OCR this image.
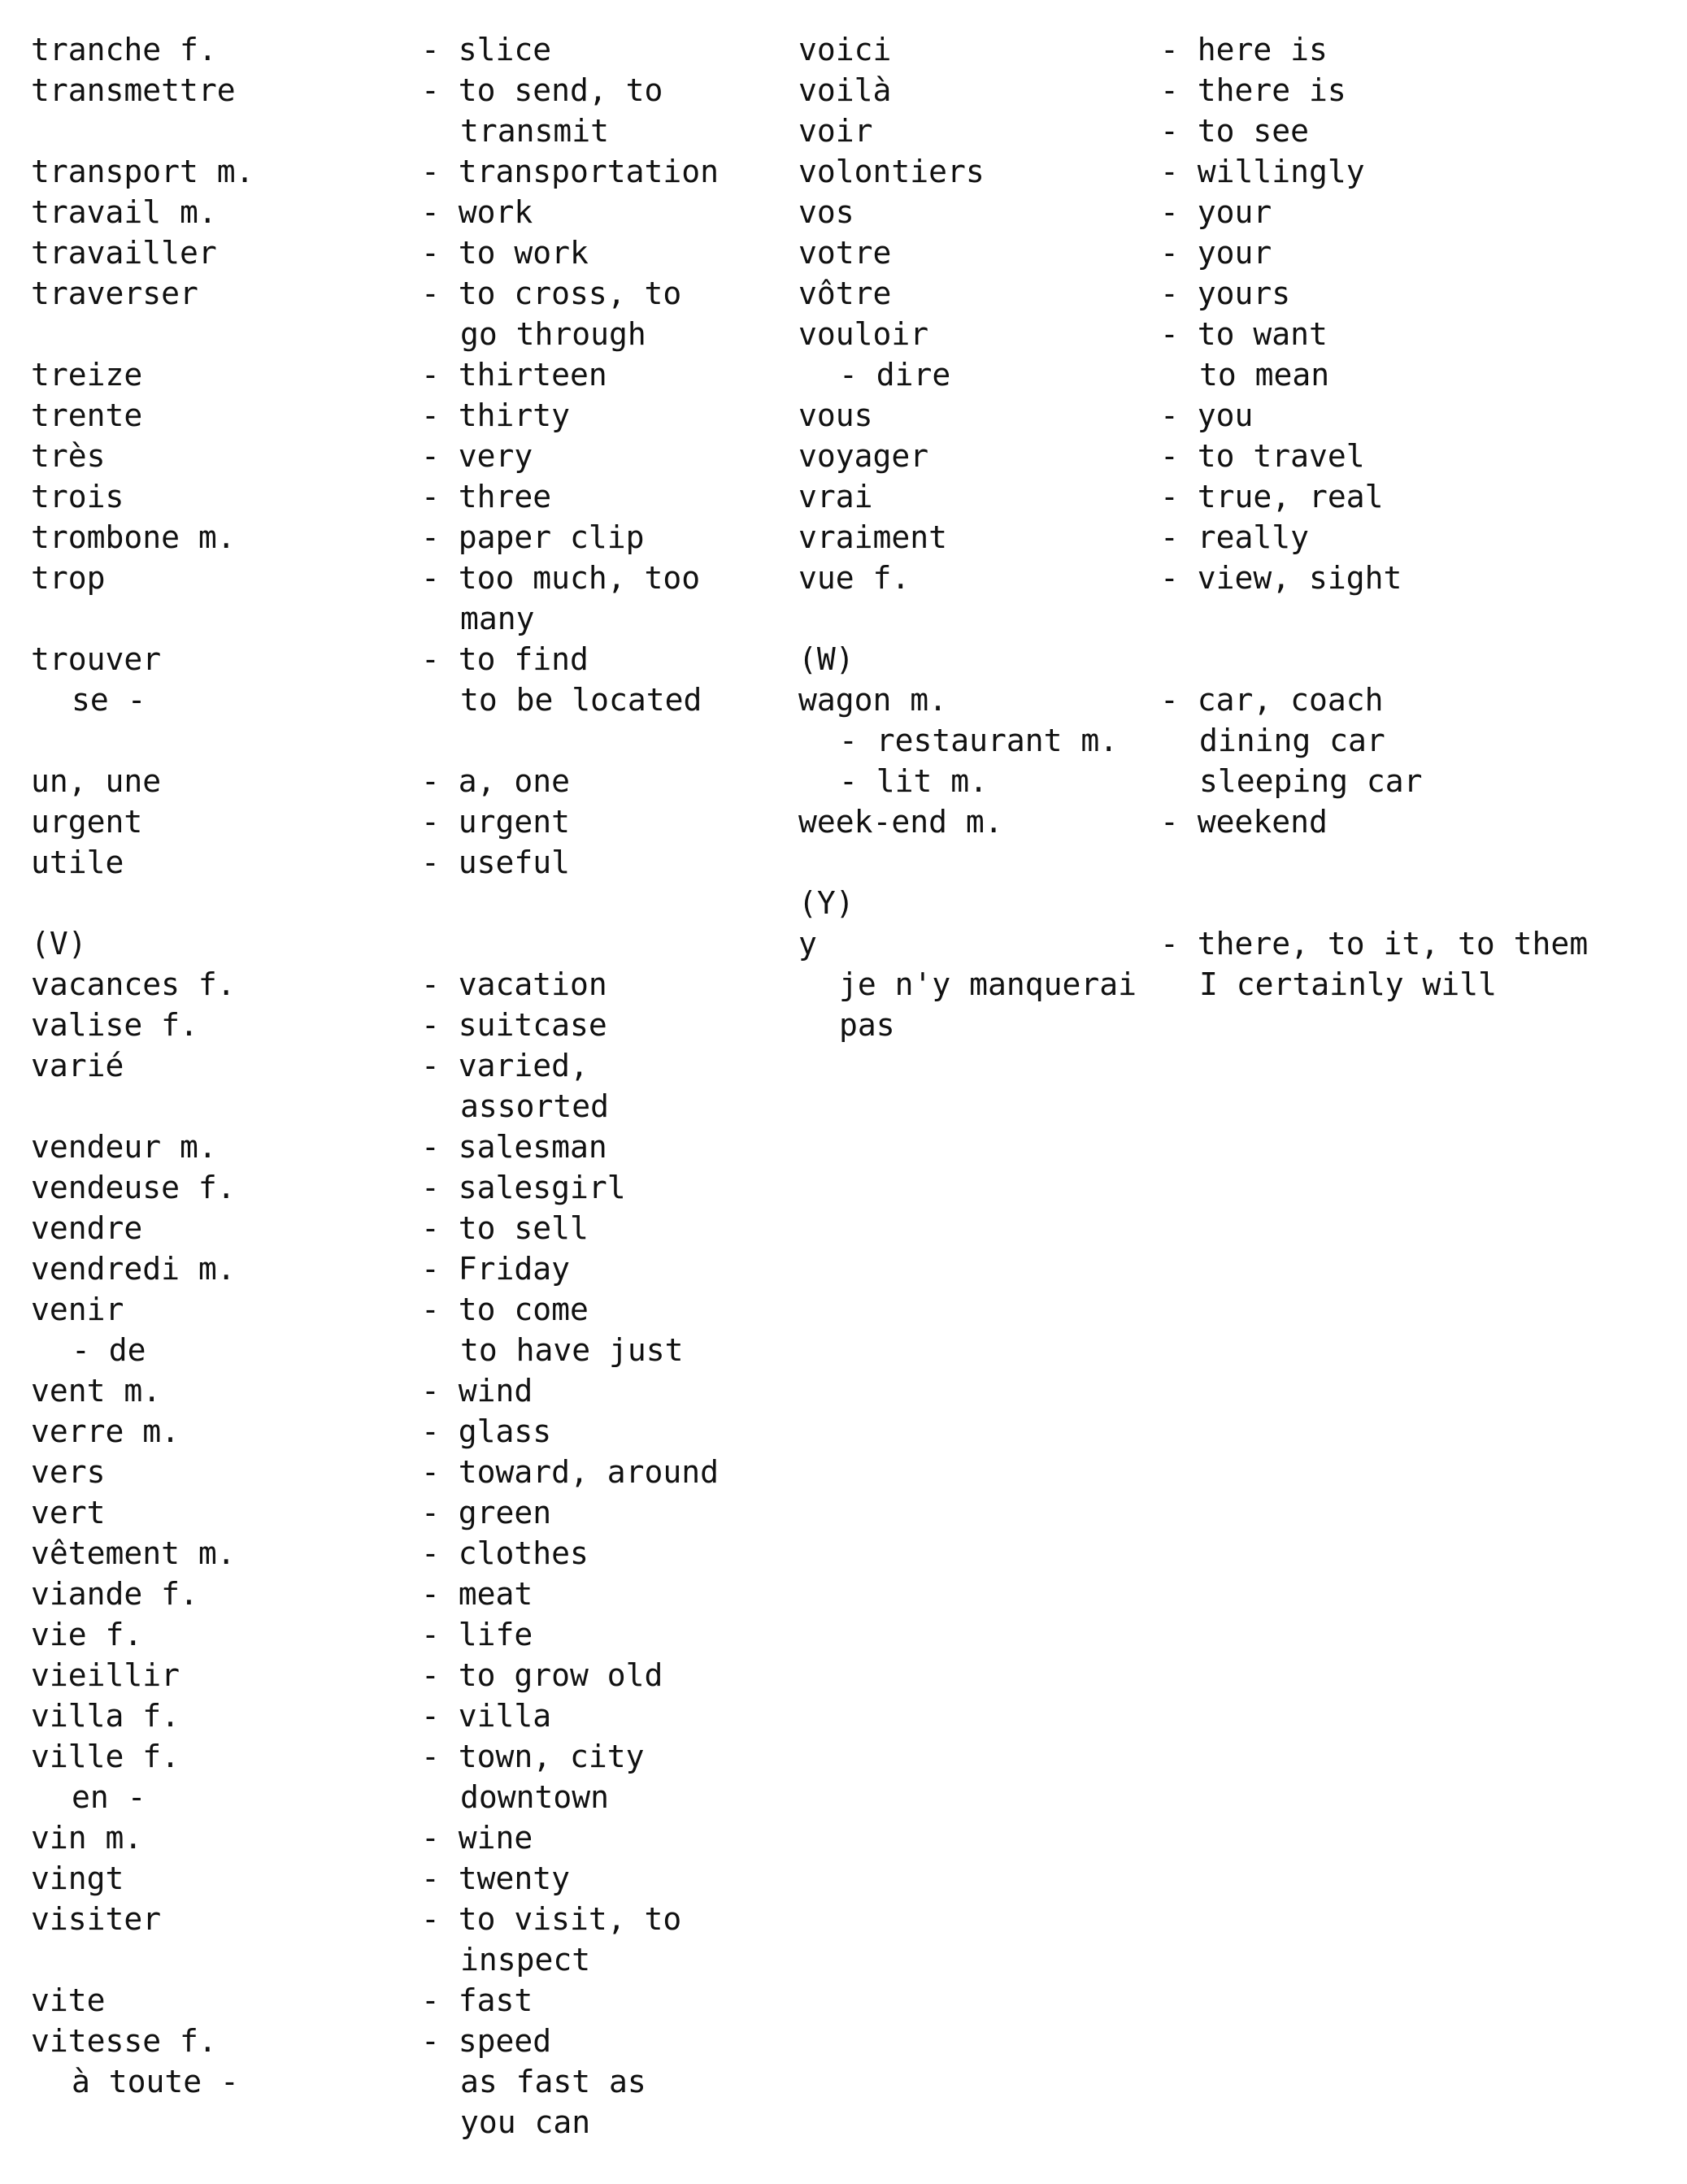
tranche f.	- slice
transmettre	- to send, to
transmit
transport m.	- transportation
travail m.	- work
travailler	- to work
traverser	- to cross, to
go through
treize	- thirteen
trente	- thirty
très	- very
trois	- three
trombone m.	- paper clip
trop	- too much, too
many
trouver	- to find
se -	to be located
un, une	- a, one
urgent	- urgent
utile	- useful
(V)
vacances f.	- vacation
valise f.	- suitcase
varié	- varied,
assorted
vendeur m.	- salesman
vendeuse f.	- salesgirl
vendre	- to sell
vendredi m.	- Friday
venir	- to come
- de	to have just
vent m.	- wind
verre m.	- glass
vers	- toward, around
vert	- green
vêtement m.	- clothes
viande f.	- meat
vie f.	- life
vieillir	- to grow old
villa f.	- villa
ville f.	- town, city
en -	downtown
vin m.	- wine
vingt	- twenty
visiter	- to visit, to
inspect
vite	- fast
vitesse f.	- speed
à toute -	as fast as
you can
voici	- here is
voilà	- there is
voir	- to see
volontiers	- willingly
vos	- your
votre	- your
vôtre	- yours
vouloir	- to want
- dire	to mean
vous	- you
voyager	- to travel
vrai	- true, real
vraiment	- really
vue f.	- view, sight
(W)
wagon m.	- car, coach
- restaurant m.	dining car
- lit m.	sleeping car
week-end m.	- weekend
(Y)
y	- there, to it, to them
je n'y manquerai	I certainly will
pas
